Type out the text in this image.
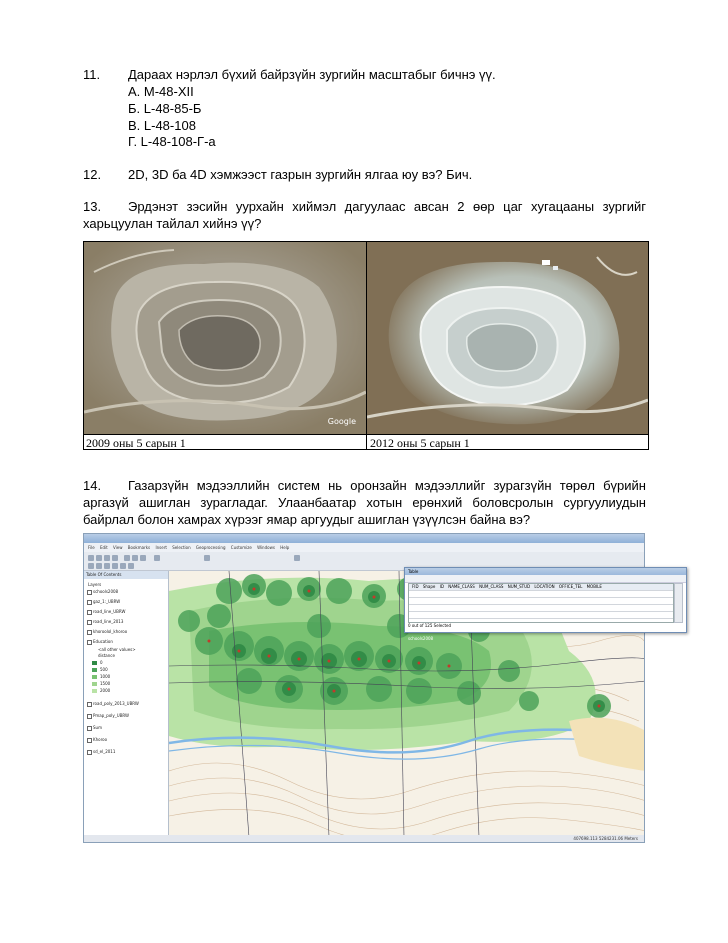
11. Дараах нэрлэл бүхий байрзүйн зургийн масштабыг бичнэ үү.
А. M-48-XII
Б. L-48-85-Б
В. L-48-108
Г. L-48-108-Г-а
12. 2D, 3D ба 4D хэмжээст газрын зургийн ялгаа юу вэ? Бич.
13. Эрдэнэт зэсийн уурхайн хиймэл дагуулаас авсан 2 өөр цаг хугацааны зургийг
харьцуулан тайлал хийнэ үү?
Google
2009 оны 5 сарын 1	2012 оны 5 сарын 1
14. Газарзүйн мэдээллийн систем нь оронзайн мэдээллийг зурагзүйн төрөл бүрийн
аргазүй ашиглан зурагладаг. Улаанбаатар хотын ерөнхий боловсролын сургуулиудын
байрлал болон хамрах хүрээг ямар аргуудыг ашиглан үзүүлсэн байна вэ?
File Edit View Bookmarks Insert Selection Geoprocessing Customize Windows Help
Table Of Contents
Layers
schools2008
gaz_1:_UBRW
road_line_UBRW
road_line_2013
khoroolol_khoroo
Education
<all other values>
distance
0
500
1000
1500
2000
road_poly_2013_UBRW
Pmap_poly_UBRW
Sum
Khoroo
sd_el_2011
407698.113 5284231.06 Meters
Table
FID Shape ID NAME_CLASS NUM_CLASS NUM_STUD LOCATION OFFICE_TEL MOBILE
0 out of 125 Selected
schools2008
